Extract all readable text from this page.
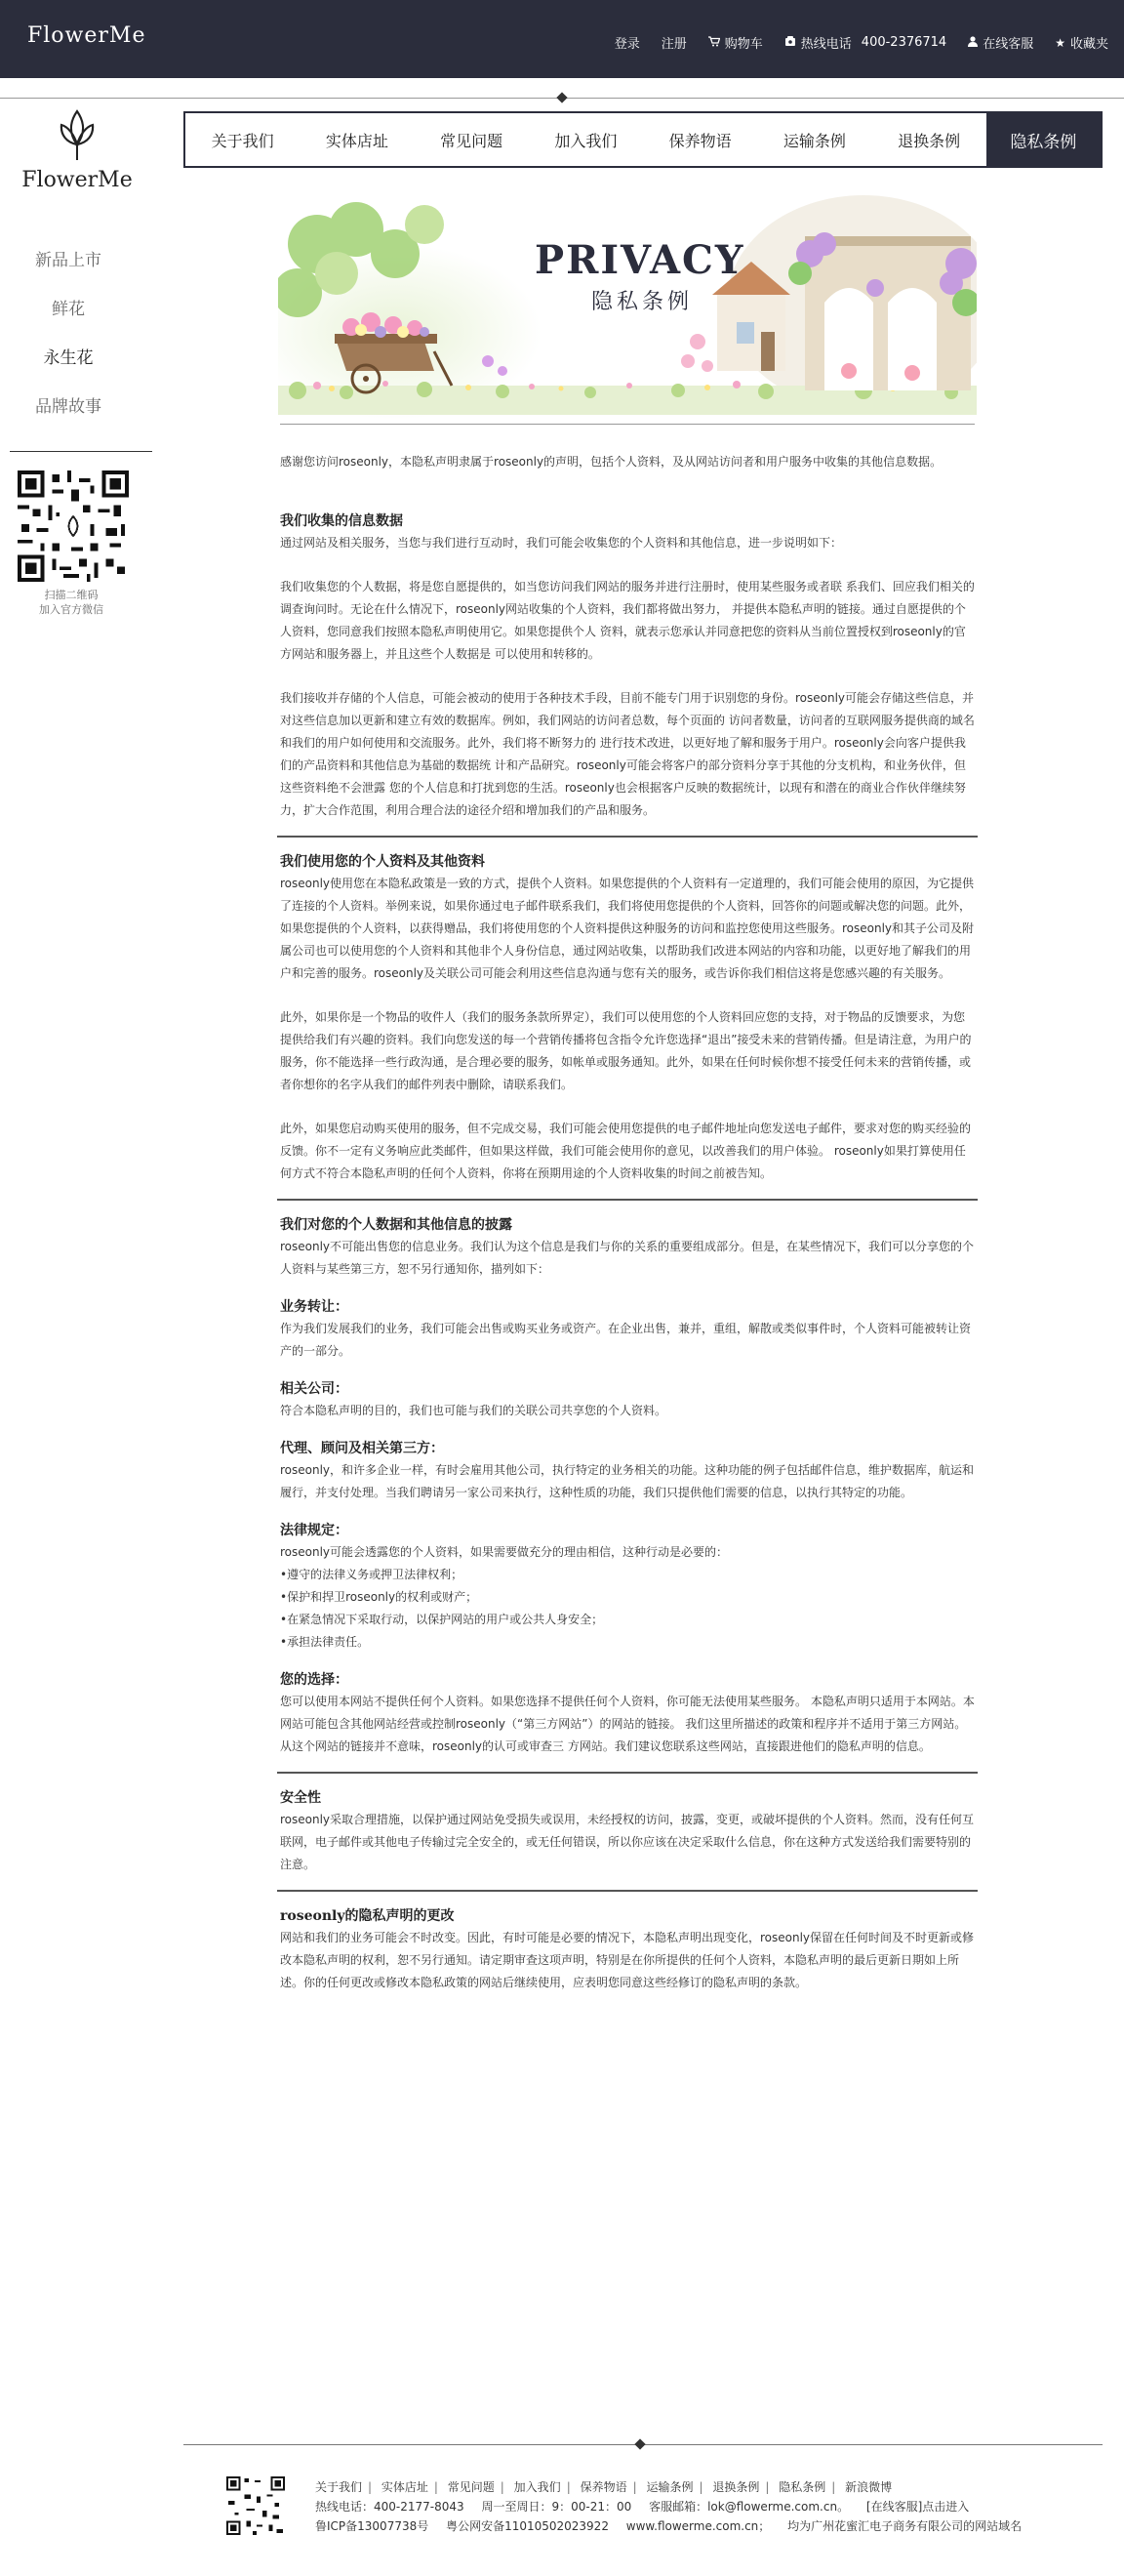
FlowerMe	登录 注册	购物车	热线电话 400-2376714	在线客服 ★ 收藏夹
FlowerMe
新品上市
鲜花
永生花
品牌故事
扫描二维码
加入官方微信
关于我们	实体店址	常见问题	加入我们	保养物语	运输条例	退换条例	隐私条例
PRIVACY
隐私条例

感谢您访问roseonly，本隐私声明隶属于roseonly的声明，包括个人资料，及从网站访问者和用户服务中收集的其他信息数据。

我们收集的信息数据

通过网站及相关服务，当您与我们进行互动时，我们可能会收集您的个人资料和其他信息，进一步说明如下：

我们收集您的个人数据，将是您自愿提供的，如当您访问我们网站的服务并进行注册时，使用某些服务或者联 系我们、回应我们相关的调查询问时。无论在什么情况下，roseonly网站收集的个人资料，我们都将做出努力， 并提供本隐私声明的链接。通过自愿提供的个人资料，您同意我们按照本隐私声明使用它。如果您提供个人 资料，就表示您承认并同意把您的资料从当前位置授权到roseonly的官方网站和服务器上，并且这些个人数据是 可以使用和转移的。

我们接收并存储的个人信息，可能会被动的使用于各种技术手段，目前不能专门用于识别您的身份。roseonly可能会存储这些信息，并对这些信息加以更新和建立有效的数据库。例如，我们网站的访问者总数，每个页面的 访问者数量，访问者的互联网服务提供商的域名和我们的用户如何使用和交流服务。此外，我们将不断努力的 进行技术改进，以更好地了解和服务于用户。roseonly会向客户提供我们的产品资料和其他信息为基础的数据统 计和产品研究。roseonly可能会将客户的部分资料分享于其他的分支机构，和业务伙伴，但这些资料绝不会泄露 您的个人信息和打扰到您的生活。roseonly也会根据客户反映的数据统计，以现有和潜在的商业合作伙伴继续努 力，扩大合作范围，利用合理合法的途径介绍和增加我们的产品和服务。

我们使用您的个人资料及其他资料

roseonly使用您在本隐私政策是一致的方式，提供个人资料。如果您提供的个人资料有一定道理的，我们可能会使用的原因，为它提供了连接的个人资料。举例来说，如果你通过电子邮件联系我们，我们将使用您提供的个人资料，回答你的问题或解决您的问题。此外，如果您提供的个人资料，以获得赠品，我们将使用您的个人资料提供这种服务的访问和监控您使用这些服务。roseonly和其子公司及附属公司也可以使用您的个人资料和其他非个人身份信息，通过网站收集，以帮助我们改进本网站的内容和功能，以更好地了解我们的用户和完善的服务。roseonly及关联公司可能会利用这些信息沟通与您有关的服务，或告诉你我们相信这将是您感兴趣的有关服务。

此外，如果你是一个物品的收件人（我们的服务条款所界定），我们可以使用您的个人资料回应您的支持，对于物品的反馈要求，为您提供给我们有兴趣的资料。我们向您发送的每一个营销传播将包含指令允许您选择“退出”接受未来的营销传播。但是请注意，为用户的服务，你不能选择一些行政沟通，是合理必要的服务，如帐单或服务通知。此外，如果在任何时候你想不接受任何未来的营销传播，或者你想你的名字从我们的邮件列表中删除，请联系我们。

此外，如果您启动购买使用的服务，但不完成交易，我们可能会使用您提供的电子邮件地址向您发送电子邮件，要求对您的购买经验的反馈。你不一定有义务响应此类邮件，但如果这样做，我们可能会使用你的意见，以改善我们的用户体验。 roseonly如果打算使用任何方式不符合本隐私声明的任何个人资料，你将在预期用途的个人资料收集的时间之前被告知。

我们对您的个人数据和其他信息的披露

roseonly不可能出售您的信息业务。我们认为这个信息是我们与你的关系的重要组成部分。但是，在某些情况下，我们可以分享您的个人资料与某些第三方，恕不另行通知你，描列如下：

业务转让：

作为我们发展我们的业务，我们可能会出售或购买业务或资产。在企业出售，兼并，重组，解散或类似事件时，个人资料可能被转让资产的一部分。

相关公司：

符合本隐私声明的目的，我们也可能与我们的关联公司共享您的个人资料。

代理、顾问及相关第三方：

roseonly，和许多企业一样，有时会雇用其他公司，执行特定的业务相关的功能。这种功能的例子包括邮件信息，维护数据库，航运和履行，并支付处理。当我们聘请另一家公司来执行，这种性质的功能，我们只提供他们需要的信息，以执行其特定的功能。

法律规定：

roseonly可能会透露您的个人资料，如果需要做充分的理由相信，这种行动是必要的：

•遵守的法律义务或押卫法律权利；
•保护和捍卫roseonly的权利或财产；
•在紧急情况下采取行动，以保护网站的用户或公共人身安全；
•承担法律责任。

您的选择：

您可以使用本网站不提供任何个人资料。如果您选择不提供任何个人资料，你可能无法使用某些服务。 本隐私声明只适用于本网站。本网站可能包含其他网站经营或控制roseonly（“第三方网站”）的网站的链接。 我们这里所描述的政策和程序并不适用于第三方网站。从这个网站的链接并不意味，roseonly的认可或审查三 方网站。我们建议您联系这些网站，直接跟进他们的隐私声明的信息。

安全性

roseonly采取合理措施，以保护通过网站免受损失或误用，未经授权的访问，披露，变更，或破坏提供的个人资料。然而，没有任何互联网，电子邮件或其他电子传输过完全安全的，或无任何错误，所以你应该在决定采取什么信息，你在这种方式发送给我们需要特别的注意。

roseonly的隐私声明的更改

网站和我们的业务可能会不时改变。因此，有时可能是必要的情况下，本隐私声明出现变化，roseonly保留在任何时间及不时更新或修改本隐私声明的权利，恕不另行通知。请定期审查这项声明，特别是在你所提供的任何个人资料，本隐私声明的最后更新日期如上所述。你的任何更改或修改本隐私政策的网站后继续使用，应表明您同意这些经修订的隐私声明的条款。

关于我们 | 实体店址 | 常见问题 | 加入我们 | 保养物语 | 运输条例 | 退换条例 | 隐私条例 | 新浪微博
热线电话：400-2177-8043 周一至周日：9：00-21：00 客服邮箱：lok@flowerme.com.cn。 [在线客服]点击进入
鲁ICP备13007738号 粤公网安备11010502023922 www.flowerme.com.cn； 均为广州花蜜汇电子商务有限公司的网站域名
